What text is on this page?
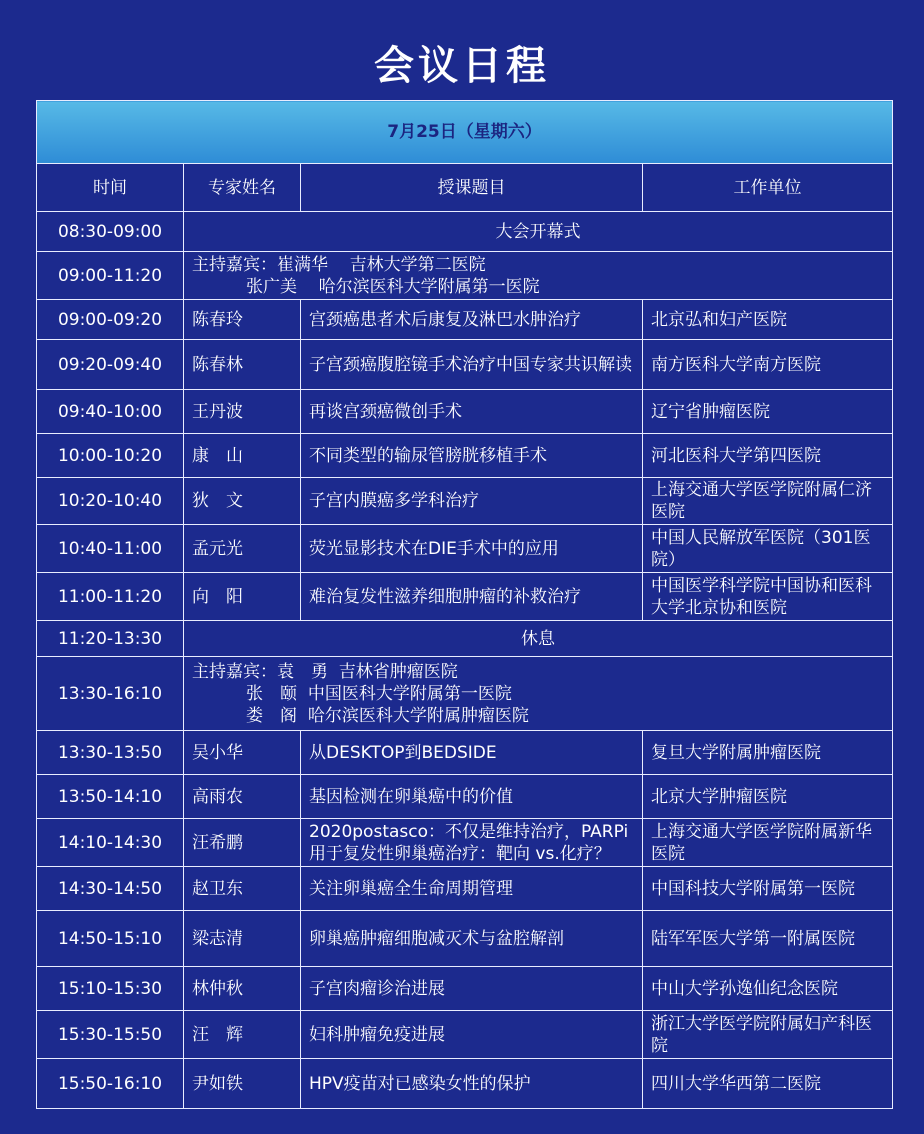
会议日程
7月25日（星期六）			
时间	专家姓名	授课题目	工作单位
08:30-09:00	大会开幕式		
09:00-11:20	主持嘉宾：崔满华    吉林大学第二医院
张广美    哈尔滨医科大学附属第一医院		

09:00-09:20	陈春玲	宫颈癌患者术后康复及淋巴水肿治疗	北京弘和妇产医院
09:20-09:40	陈春林	子宫颈癌腹腔镜手术治疗中国专家共识解读	南方医科大学南方医院
09:40-10:00	王丹波	再谈宫颈癌微创手术	辽宁省肿瘤医院
10:00-10:20	康　山	不同类型的输尿管膀胱移植手术	河北医科大学第四医院
10:20-10:40	狄　文	子宫内膜癌多学科治疗	上海交通大学医学院附属仁济医院
10:40-11:00	孟元光	荧光显影技术在DIE手术中的应用	中国人民解放军医院（301医院）
11:00-11:20	向　阳	难治复发性滋养细胞肿瘤的补救治疗	中国医学科学院中国协和医科大学北京协和医院
11:20-13:30	休息		
13:30-16:10	主持嘉宾：袁　勇  吉林省肿瘤医院
张　颐  中国医科大学附属第一医院
娄　阁  哈尔滨医科大学附属肿瘤医院		

13:30-13:50	吴小华	从DESKTOP到BEDSIDE	复旦大学附属肿瘤医院
13:50-14:10	高雨农	基因检测在卵巢癌中的价值	北京大学肿瘤医院
14:10-14:30	汪希鹏	2020postasco：不仅是维持治疗，PARPi用于复发性卵巢癌治疗：靶向 vs.化疗？	上海交通大学医学院附属新华医院
14:30-14:50	赵卫东	关注卵巢癌全生命周期管理	中国科技大学附属第一医院
14:50-15:10	梁志清	卵巢癌肿瘤细胞减灭术与盆腔解剖	陆军军医大学第一附属医院
15:10-15:30	林仲秋	子宫肉瘤诊治进展	中山大学孙逸仙纪念医院
15:30-15:50	汪　辉	妇科肿瘤免疫进展	浙江大学医学院附属妇产科医院
15:50-16:10	尹如铁	HPV疫苗对已感染女性的保护	四川大学华西第二医院
